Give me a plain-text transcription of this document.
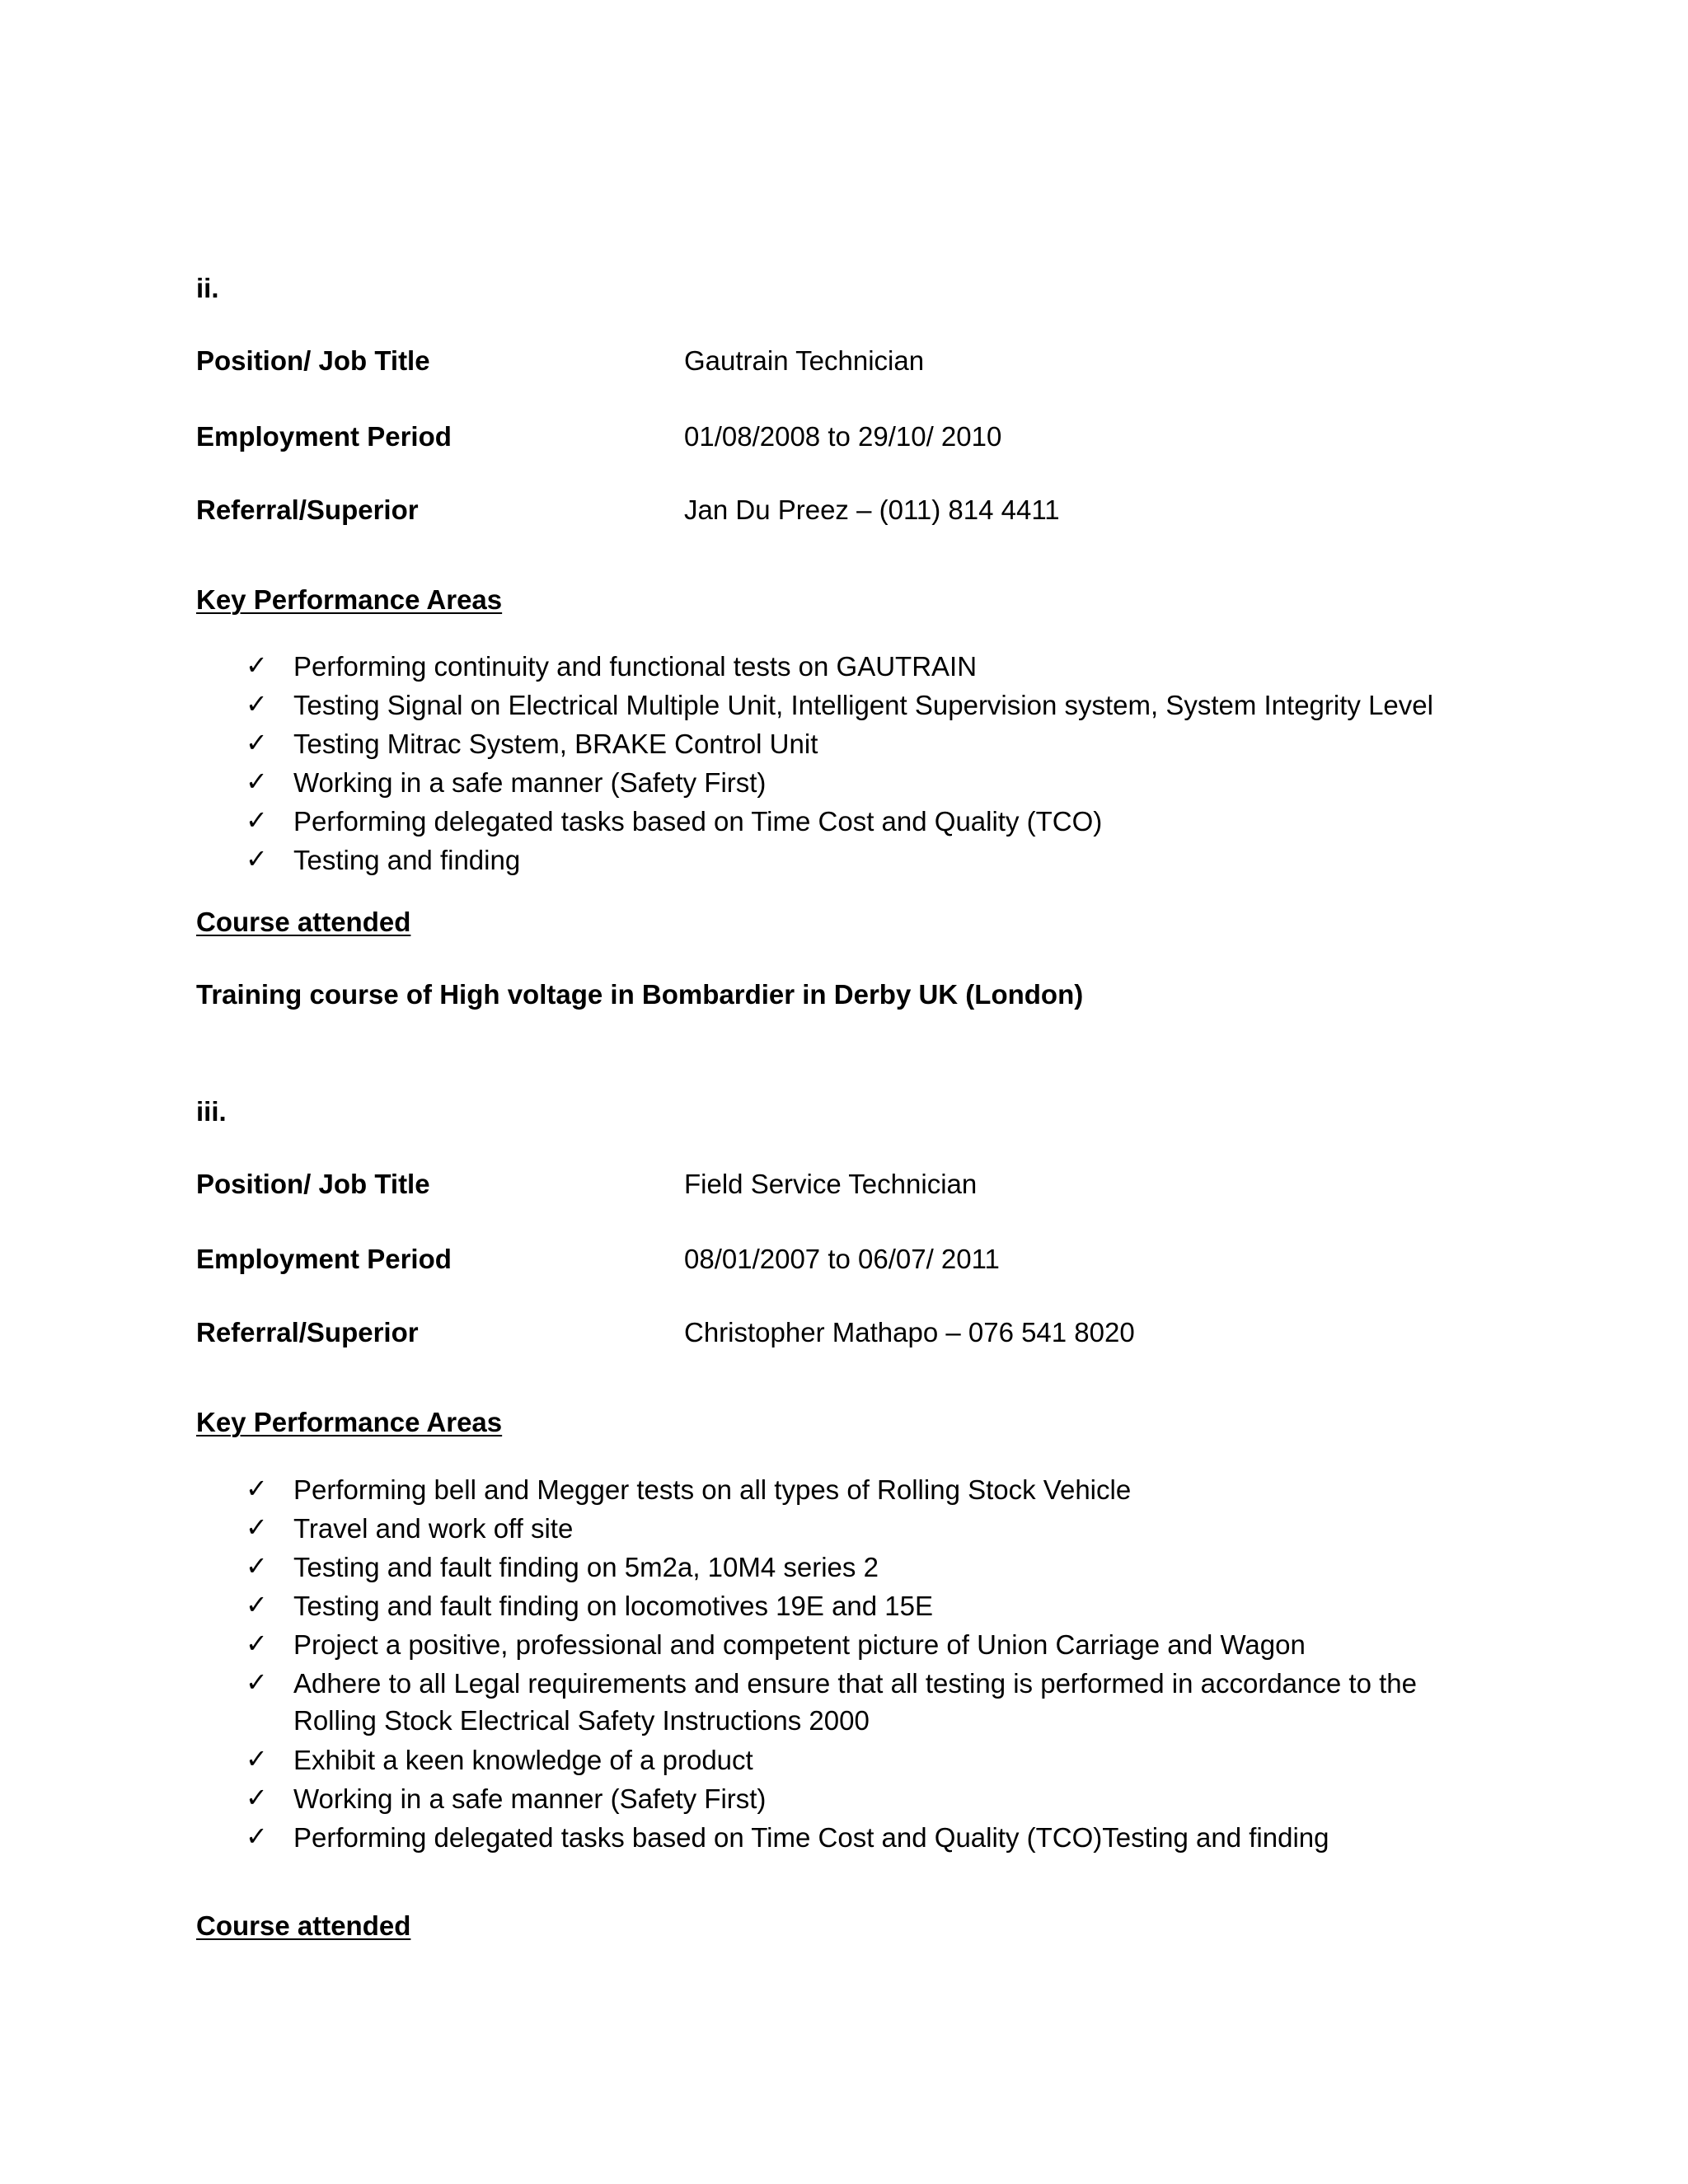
ii.
Position/ Job Title	Gautrain Technician
Employment Period	01/08/2008 to 29/10/ 2010
Referral/Superior	Jan Du Preez – (011) 814 4411
Key Performance Areas
✓ Performing continuity and functional tests on GAUTRAIN
✓ Testing Signal on Electrical Multiple Unit, Intelligent Supervision system, System Integrity Level
✓ Testing Mitrac System, BRAKE Control Unit
✓ Working in a safe manner (Safety First)
✓ Performing delegated tasks based on Time Cost and Quality (TCO)
✓ Testing and finding
Course attended
Training course of High voltage in Bombardier in Derby UK (London)
iii.
Position/ Job Title	Field Service Technician
Employment Period	08/01/2007 to 06/07/ 2011
Referral/Superior	Christopher Mathapo – 076 541 8020
Key Performance Areas
✓ Performing bell and Megger tests on all types of Rolling Stock Vehicle
✓ Travel and work off site
✓ Testing and fault finding on 5m2a, 10M4 series 2
✓ Testing and fault finding on locomotives 19E and 15E
✓ Project a positive, professional and competent picture of Union Carriage and Wagon
✓ Adhere to all Legal requirements and ensure that all testing is performed in accordance to the
Rolling Stock Electrical Safety Instructions 2000
✓ Exhibit a keen knowledge of a product
✓ Working in a safe manner (Safety First)
✓ Performing delegated tasks based on Time Cost and Quality (TCO)Testing and finding
Course attended
